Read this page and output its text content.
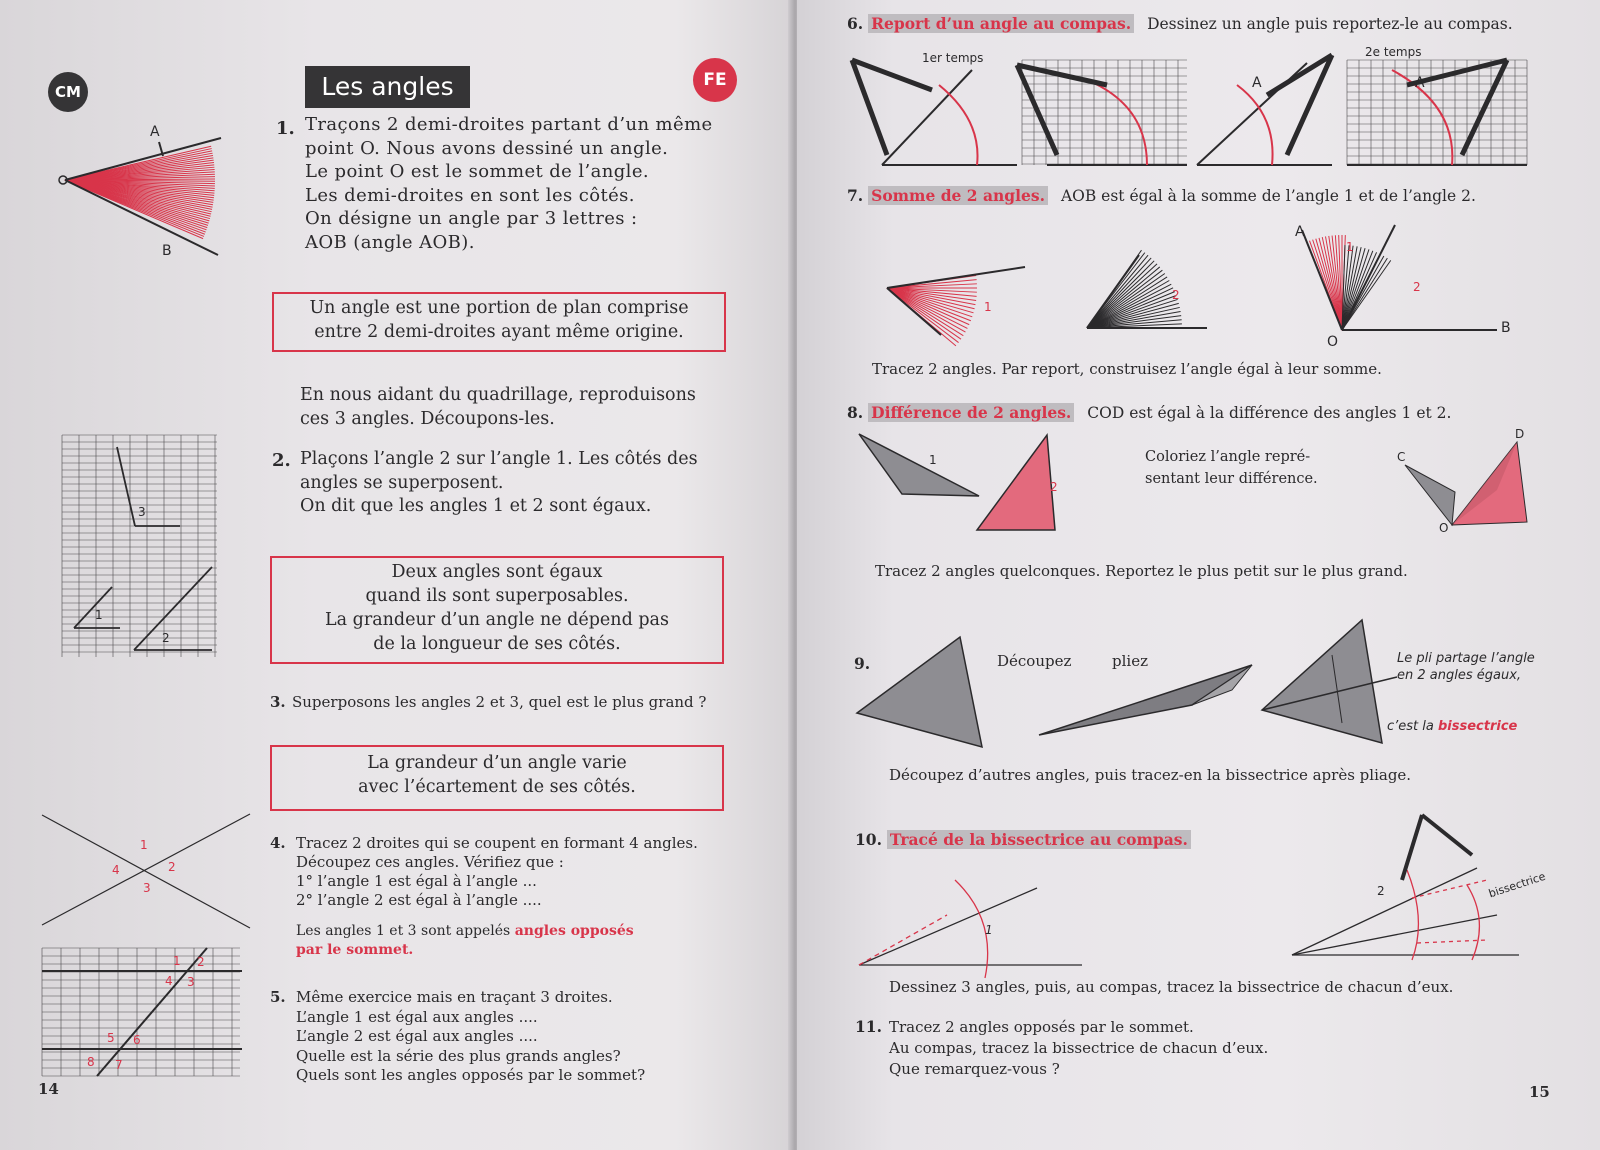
CM	Les angles	FE
A
B
1. Traçons 2 demi-droites partant d’un même
point O. Nous avons dessiné un angle.
Le point O est le sommet de l’angle.
Les demi-droites en sont les côtés.
On désigne un angle par 3 lettres :
AOB (angle AOB).
Un angle est une portion de plan comprise
entre 2 demi-droites ayant même origine.
En nous aidant du quadrillage, reproduisons
ces 3 angles. Découpons-les.
3
1
2
2. Plaçons l’angle 2 sur l’angle 1. Les côtés des
angles se superposent.
On dit que les angles 1 et 2 sont égaux.
Deux angles sont égaux
quand ils sont superposables.
La grandeur d’un angle ne dépend pas
de la longueur de ses côtés.
3. Superposons les angles 2 et 3, quel est le plus grand ?
La grandeur d’un angle varie
avec l’écartement de ses côtés.
1
2
3
4
4. Tracez 2 droites qui se coupent en formant 4 angles.
Découpez ces angles. Vérifiez que :
1° l’angle 1 est égal à l’angle ...
2° l’angle 2 est égal à l’angle ....
Les angles 1 et 3 sont appelés angles opposés
par le sommet.
1 2
4 3
5 6
8 7
5. Même exercice mais en traçant 3 droites.
L’angle 1 est égal aux angles ....
L’angle 2 est égal aux angles ....
Quelle est la série des plus grands angles?
Quels sont les angles opposés par le sommet?
14
6. Report d’un angle au compas. Dessinez un angle puis reportez-le au compas.
1er temps	2e temps
A	A
7. Somme de 2 angles. AOB est égal à la somme de l’angle 1 et de l’angle 2.
1
2
A
1
2
O
B
Tracez 2 angles. Par report, construisez l’angle égal à leur somme.
8. Différence de 2 angles. COD est égal à la différence des angles 1 et 2.
1
2
Coloriez l’angle repré-
sentant leur différence.
C
D
O
Tracez 2 angles quelconques. Reportez le plus petit sur le plus grand.
9.	Découpez	pliez	Le pli partage l’angle
en 2 angles égaux,
c’est la bissectrice
Découpez d’autres angles, puis tracez-en la bissectrice après pliage.
10. Tracé de la bissectrice au compas.
1
2	bissectrice
Dessinez 3 angles, puis, au compas, tracez la bissectrice de chacun d’eux.
11. Tracez 2 angles opposés par le sommet.
Au compas, tracez la bissectrice de chacun d’eux.
Que remarquez-vous ?
15
